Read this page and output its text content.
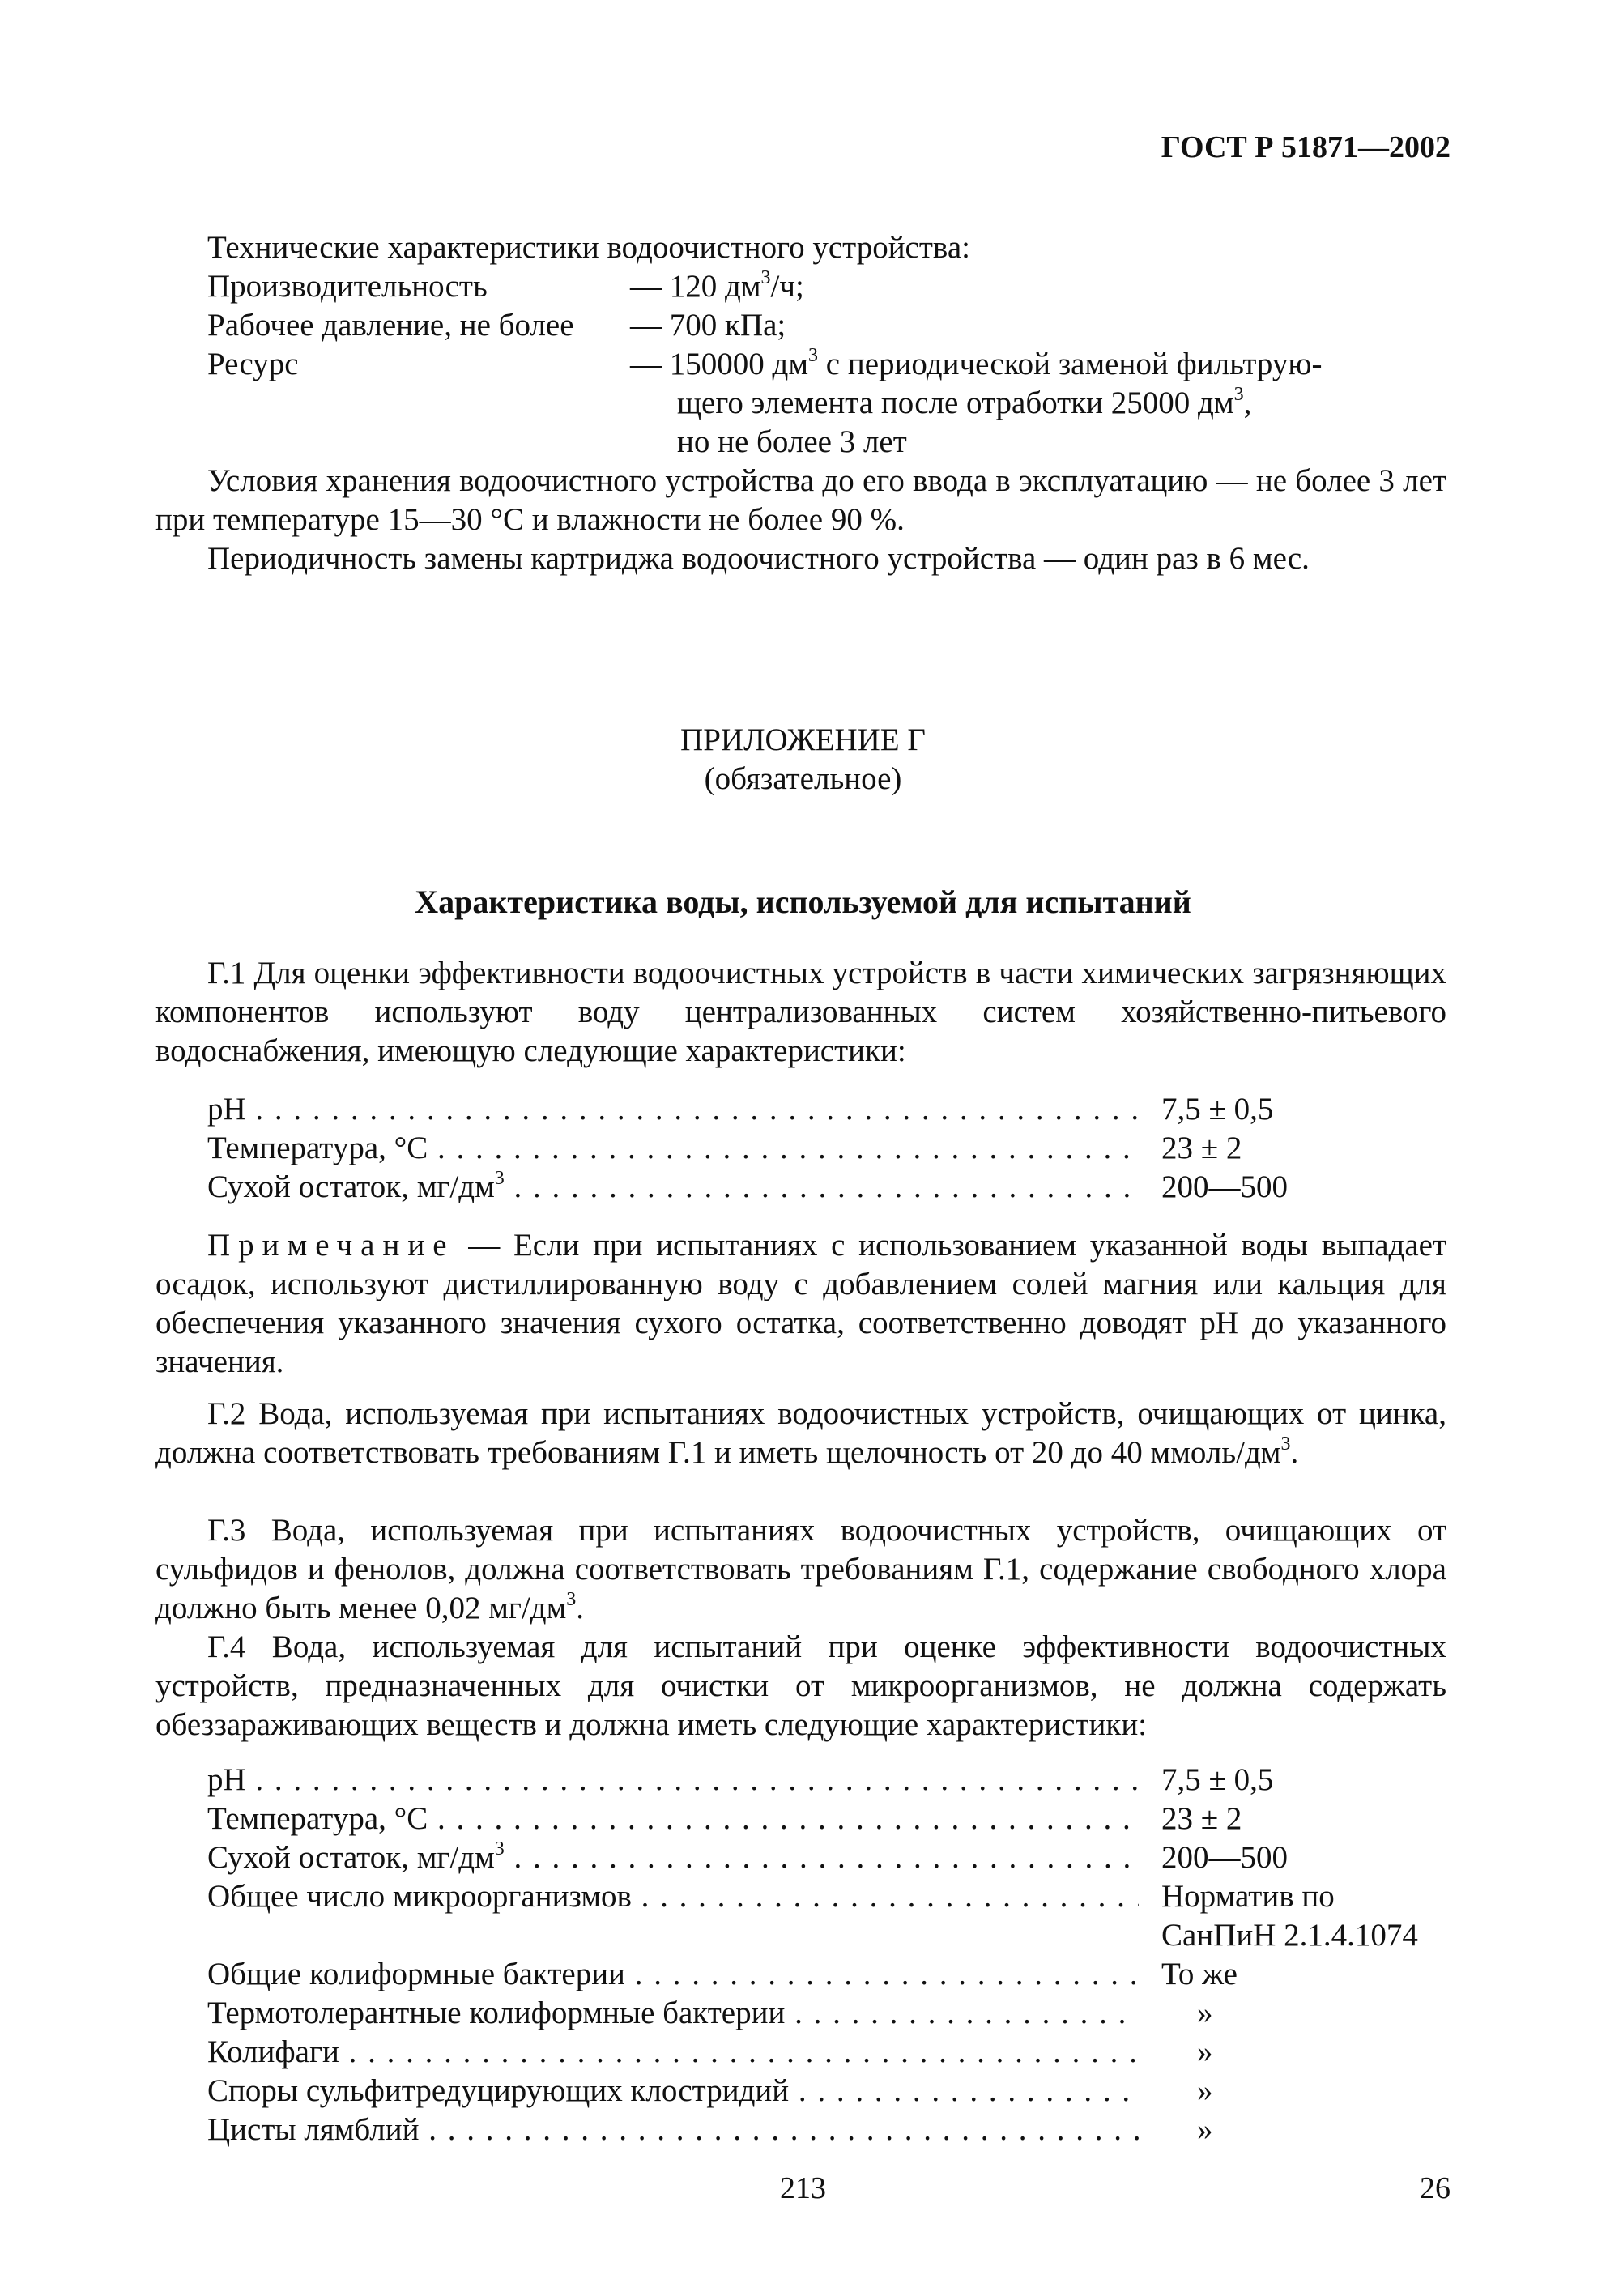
ГОСТ Р 51871—2002
Технические характеристики водоочистного устройства:
Производительность	— 120 $дм^3/ч$;
Рабочее давление, не более — 700 кПа;
Ресурс	— 150000 $дм^3$ с периодической заменой фильтрую-
щего элемента после отработки 25000 $дм^3$,
но не более 3 лет
Условия хранения водоочистного устройства до его ввода в эксплуатацию — не более 3 лет при температуре 15—30 °С и влажности не более 90 %.
Периодичность замены картриджа водоочистного устройства — один раз в 6 мес.
ПРИЛОЖЕНИЕ Г
(обязательное)
Характеристика воды, используемой для испытаний
Г.1 Для оценки эффективности водоочистных устройств в части химических загрязняющих компонентов используют воду централизованных систем хозяйственно-питьевого водоснабжения, имеющую следующие характеристики:
pH . . .	7,5 ± 0,5
Температура, °С . . .	23 ± 2
Сухой остаток, $мг/дм^3$ . . .	200—500
Примечание — Если при испытаниях с использованием указанной воды выпадает осадок, используют дистиллированную воду с добавлением солей магния или кальция для обеспечения указанного значения сухого остатка, соответственно доводят pH до указанного значения.
Г.2 Вода, используемая при испытаниях водоочистных устройств, очищающих от цинка, должна соответствовать требованиям Г.1 и иметь щелочность от 20 до 40 ммоль/$дм^3$.
Г.3 Вода, используемая при испытаниях водоочистных устройств, очищающих от сульфидов и фенолов, должна соответствовать требованиям Г.1, содержание свободного хлора должно быть менее 0,02 $мг/дм^3$.
Г.4 Вода, используемая для испытаний при оценке эффективности водоочистных устройств, предназначенных для очистки от микроорганизмов, не должна содержать обеззараживающих веществ и должна иметь следующие характеристики:
pH . . .	7,5 ± 0,5
Температура, °С . . .	23 ± 2
Сухой остаток, $мг/дм^3$ . . .	200—500
Общее число микроорганизмов . . .	Норматив по
СанПиН 2.1.4.1074
Общие колиформные бактерии . . .	То же
Термотолерантные колиформные бактерии . . .	»
Колифаги . . .	»
Споры сульфитредуцирующих клостридий . . .	»
Цисты лямблий . . .	»
213	26
